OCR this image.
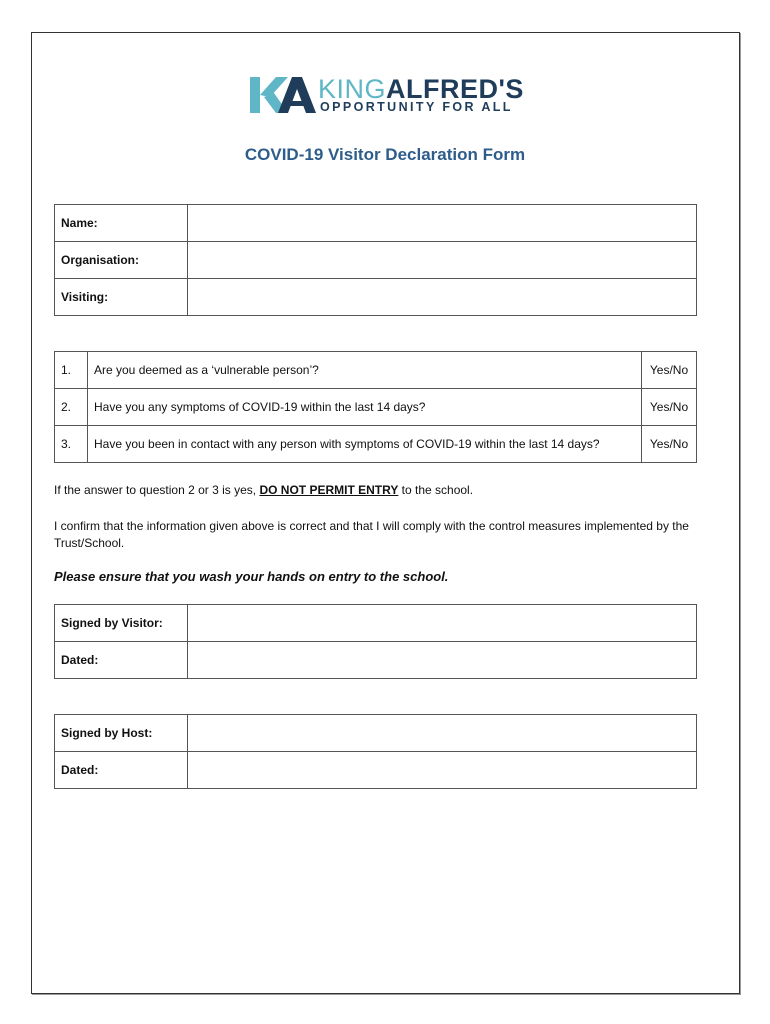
KINGALFRED'S
OPPORTUNITY FOR ALL
COVID-19 Visitor Declaration Form
Name:	
Organisation:	
Visiting:	
1.	Are you deemed as a ‘vulnerable person’?	Yes/No
2.	Have you any symptoms of COVID-19 within the last 14 days?	Yes/No
3.	Have you been in contact with any person with symptoms of COVID-19 within the last 14 days?	Yes/No
If the answer to question 2 or 3 is yes, DO NOT PERMIT ENTRY to the school.
I confirm that the information given above is correct and that I will comply with the control measures implemented by the Trust/School.
Please ensure that you wash your hands on entry to the school.
Signed by Visitor:	
Dated:	
Signed by Host:	
Dated:	
